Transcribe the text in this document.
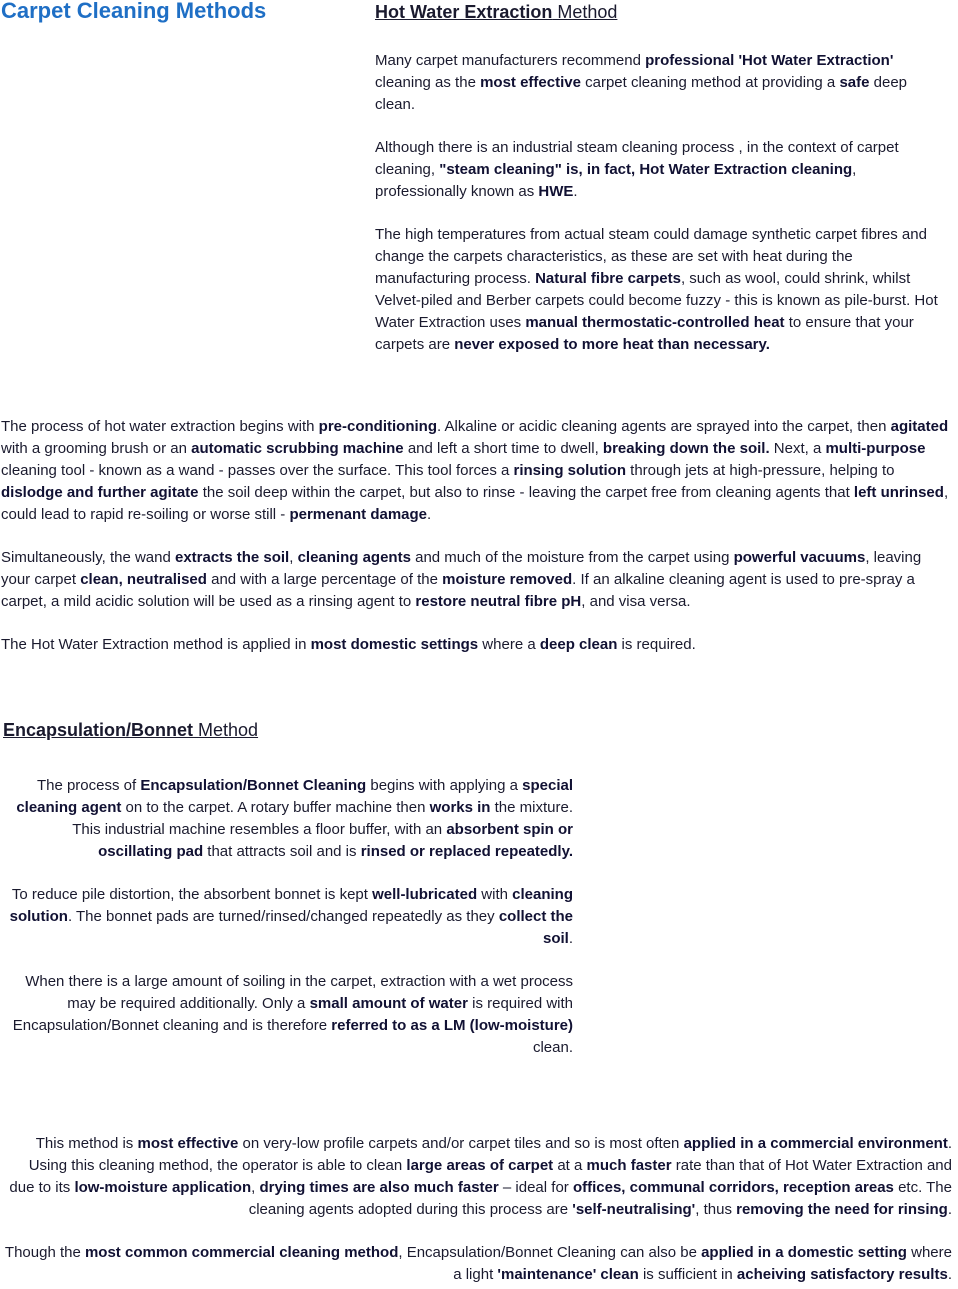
Carpet Cleaning Methods	Hot Water Extraction Method

Many carpet manufacturers recommend professional 'Hot Water Extraction' cleaning as the most effective carpet cleaning method at providing a safe deep clean.

Although there is an industrial steam cleaning process , in the context of carpet cleaning, "steam cleaning" is, in fact, Hot Water Extraction cleaning, professionally known as HWE.

The high temperatures from actual steam could damage synthetic carpet fibres and change the carpets characteristics, as these are set with heat during the manufacturing process. Natural fibre carpets, such as wool, could shrink, whilst Velvet-piled and Berber carpets could become fuzzy - this is known as pile-burst. Hot Water Extraction uses manual thermostatic-controlled heat to ensure that your carpets are never exposed to more heat than necessary.

The process of hot water extraction begins with pre-conditioning. Alkaline or acidic cleaning agents are sprayed into the carpet, then agitated with a grooming brush or an automatic scrubbing machine and left a short time to dwell, breaking down the soil. Next, a multi-purpose cleaning tool - known as a wand - passes over the surface. This tool forces a rinsing solution through jets at high-pressure, helping to dislodge and further agitate the soil deep within the carpet, but also to rinse - leaving the carpet free from cleaning agents that left unrinsed, could lead to rapid re-soiling or worse still - permenant damage.

Simultaneously, the wand extracts the soil, cleaning agents and much of the moisture from the carpet using powerful vacuums, leaving your carpet clean, neutralised and with a large percentage of the moisture removed. If an alkaline cleaning agent is used to pre-spray a carpet, a mild acidic solution will be used as a rinsing agent to restore neutral fibre pH, and visa versa.

The Hot Water Extraction method is applied in most domestic settings where a deep clean is required.

Encapsulation/Bonnet Method

The process of Encapsulation/Bonnet Cleaning begins with applying a special cleaning agent on to the carpet. A rotary buffer machine then works in the mixture. This industrial machine resembles a floor buffer, with an absorbent spin or oscillating pad that attracts soil and is rinsed or replaced repeatedly.

To reduce pile distortion, the absorbent bonnet is kept well-lubricated with cleaning solution. The bonnet pads are turned/rinsed/changed repeatedly as they collect the soil.

When there is a large amount of soiling in the carpet, extraction with a wet process may be required additionally. Only a small amount of water is required with Encapsulation/Bonnet cleaning and is therefore referred to as a LM (low-moisture) clean.

This method is most effective on very-low profile carpets and/or carpet tiles and so is most often applied in a commercial environment. Using this cleaning method, the operator is able to clean large areas of carpet at a much faster rate than that of Hot Water Extraction and due to its low-moisture application, drying times are also much faster – ideal for offices, communal corridors, reception areas etc. The cleaning agents adopted during this process are 'self-neutralising', thus removing the need for rinsing.

Though the most common commercial cleaning method, Encapsulation/Bonnet Cleaning can also be applied in a domestic setting where a light 'maintenance' clean is sufficient in acheiving satisfactory results.
